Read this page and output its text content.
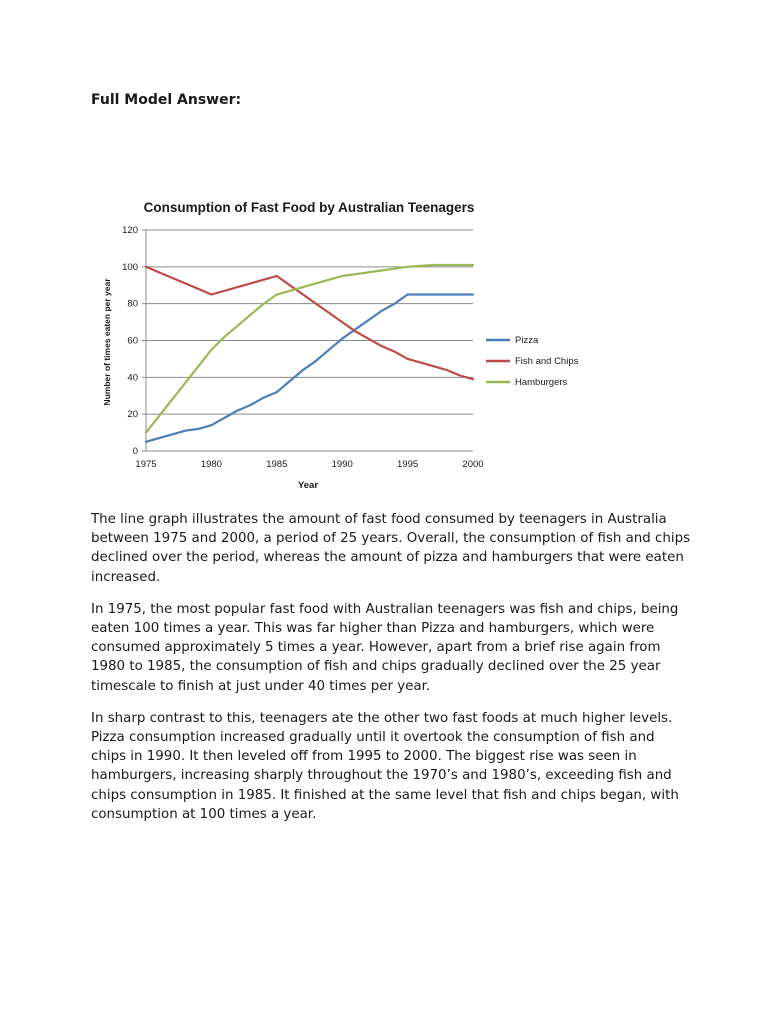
Full Model Answer:
Consumption of Fast Food by Australian Teenagers
0
20
40
60
80
100
120
1975	1980	1985	1990	1995	2000
Pizza
Fish and Chips
Hamburgers
Year
Number of times eaten per year

The line graph illustrates the amount of fast food consumed by teenagers in Australia between 1975 and 2000, a period of 25 years. Overall, the consumption of fish and chips declined over the period, whereas the amount of pizza and hamburgers that were eaten increased.

In 1975, the most popular fast food with Australian teenagers was fish and chips, being eaten 100 times a year. This was far higher than Pizza and hamburgers, which were consumed approximately 5 times a year. However, apart from a brief rise again from 1980 to 1985, the consumption of fish and chips gradually declined over the 25 year timescale to finish at just under 40 times per year.

In sharp contrast to this, teenagers ate the other two fast foods at much higher levels. Pizza consumption increased gradually until it overtook the consumption of fish and chips in 1990. It then leveled off from 1995 to 2000. The biggest rise was seen in hamburgers, increasing sharply throughout the 1970’s and 1980’s, exceeding fish and chips consumption in 1985. It finished at the same level that fish and chips began, with consumption at 100 times a year.
